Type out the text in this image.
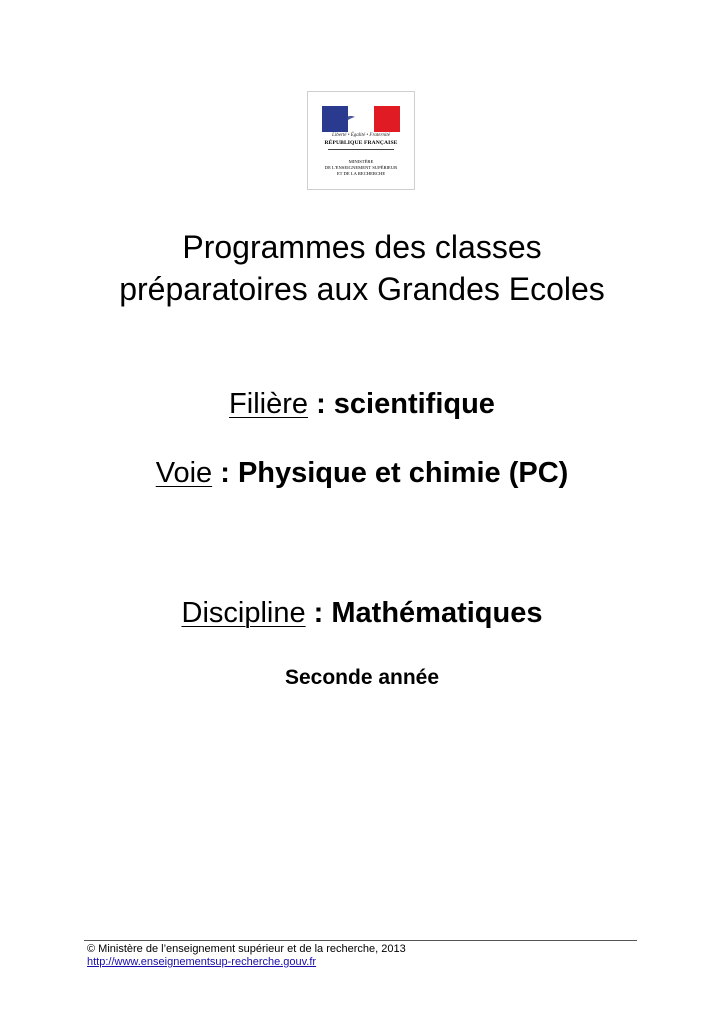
Liberté • Égalité • Fraternité
RÉPUBLIQUE FRANÇAISE
MINISTÈRE
DE L'ENSEIGNEMENT SUPÉRIEUR
ET DE LA RECHERCHE
Programmes des classes
préparatoires aux Grandes Ecoles
Filière : scientifique
Voie : Physique et chimie (PC)
Discipline : Mathématiques
Seconde année
© Ministère de l’enseignement supérieur et de la recherche, 2013
http://www.enseignementsup-recherche.gouv.fr
